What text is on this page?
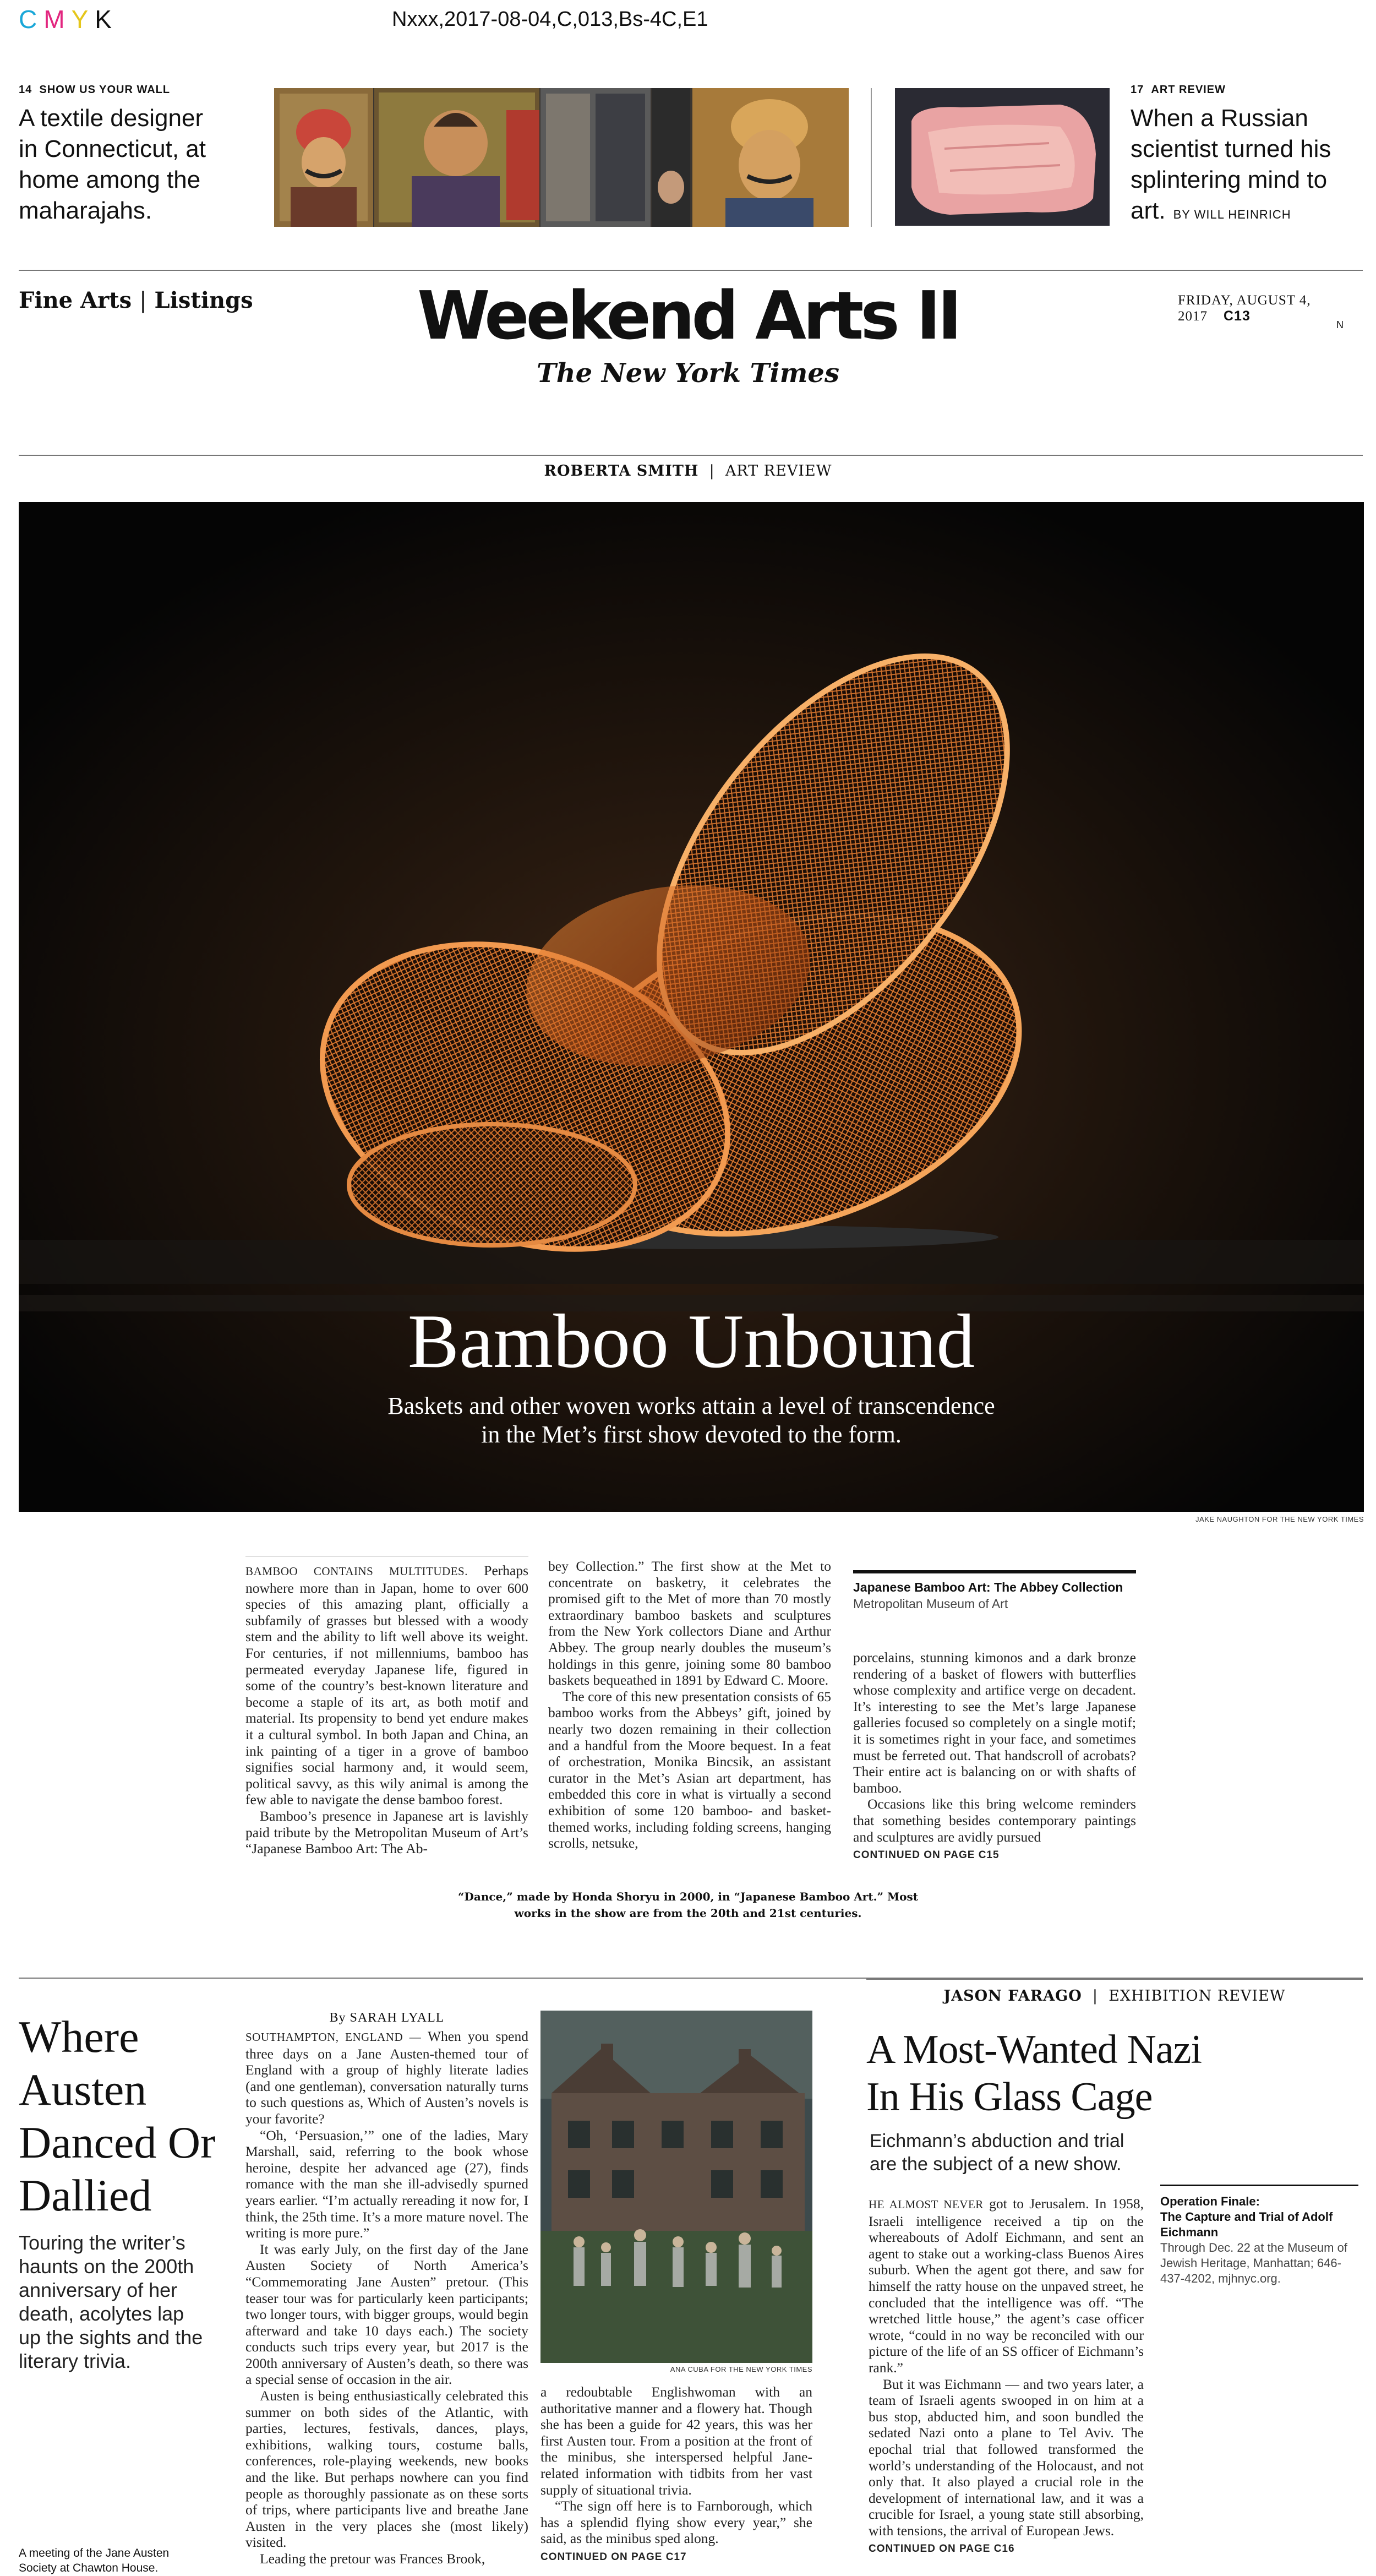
CMYK	Nxxx,2017-08-04,C,013,Bs-4C,E1
14 SHOW US YOUR WALL
A textile designer in Connecticut, at home among the maharajahs.
17 ART REVIEW
When a Russian scientist turned his splintering mind to art. BY WILL HEINRICH
Fine Arts | Listings	Weekend Arts II
The New York Times
FRIDAY, AUGUST 4, 2017 C13
N
ROBERTA SMITH  |  ART REVIEW
Bamboo Unbound
Baskets and other woven works attain a level of transcendence
in the Met’s first show devoted to the form.
JAKE NAUGHTON FOR THE NEW YORK TIMES

BAMBOO CONTAINS MULTITUDES. Perhaps nowhere more than in Japan, home to over 600 species of this amazing plant, officially a subfamily of grasses but blessed with a woody stem and the ability to lift well above its weight. For centuries, if not millenniums, bamboo has permeated everyday Japanese life, figured in some of the country’s best-known literature and become a staple of its art, as both motif and material. Its propensity to bend yet endure makes it a cultural symbol. In both Japan and China, an ink painting of a tiger in a grove of bamboo signifies social harmony and, it would seem, political savvy, as this wily animal is among the few able to navigate the dense bamboo forest.

Bamboo’s presence in Japanese art is lavishly paid tribute by the Metropolitan Museum of Art’s “Japanese Bamboo Art: The Ab-

bey Collection.” The first show at the Met to concentrate on basketry, it celebrates the promised gift to the Met of more than 70 mostly extraordinary bamboo baskets and sculptures from the New York collectors Diane and Arthur Abbey. The group nearly doubles the museum’s holdings in this genre, joining some 80 bamboo baskets bequeathed in 1891 by Edward C. Moore.

The core of this new presentation consists of 65 bamboo works from the Abbeys’ gift, joined by nearly two dozen remaining in their collection and a handful from the Moore bequest. In a feat of orchestration, Monika Bincsik, an assistant curator in the Met’s Asian art department, has embedded this core in what is virtually a second exhibition of some 120 bamboo- and basket-themed works, including folding screens, hanging scrolls, netsuke,

Japanese Bamboo Art: The Abbey Collection
Metropolitan Museum of Art

porcelains, stunning kimonos and a dark bronze rendering of a basket of flowers with butterflies whose complexity and artifice verge on decadent. It’s interesting to see the Met’s large Japanese galleries focused so completely on a single motif; it is sometimes right in your face, and sometimes must be ferreted out. That handscroll of acrobats? Their entire act is balancing on or with shafts of bamboo.

Occasions like this bring welcome reminders that something besides contemporary paintings and sculptures are avidly pursued

CONTINUED ON PAGE C15
“Dance,” made by Honda Shoryu in 2000, in “Japanese Bamboo Art.” Most
works in the show are from the 20th and 21st centuries.
Where Austen Danced Or Dallied
Touring the writer’s haunts on the 200th anniversary of her death, acolytes lap up the sights and the literary trivia.
A meeting of the Jane Austen Society at Chawton House.
By SARAH LYALL

SOUTHAMPTON, ENGLAND — When you spend three days on a Jane Austen-themed tour of England with a group of highly literate ladies (and one gentleman), conversation naturally turns to such questions as, Which of Austen’s novels is your favorite?

“Oh, ‘Persuasion,’” one of the ladies, Mary Marshall, said, referring to the book whose heroine, despite her advanced age (27), finds romance with the man she ill-advisedly spurned years earlier. “I’m actually rereading it now for, I think, the 25th time. It’s a more mature novel. The writing is more pure.”

It was early July, on the first day of the Jane Austen Society of North America’s “Commemorating Jane Austen” pretour. (This teaser tour was for particularly keen participants; two longer tours, with bigger groups, would begin afterward and take 10 days each.) The society conducts such trips every year, but 2017 is the 200th anniversary of Austen’s death, so there was a special sense of occasion in the air.

Austen is being enthusiastically celebrated this summer on both sides of the Atlantic, with parties, lectures, festivals, dances, plays, exhibitions, walking tours, costume balls, conferences, role-playing weekends, new books and the like. But perhaps nowhere can you find people as thoroughly passionate as on these sorts of trips, where participants live and breathe Jane Austen in the very places she (most likely) visited.

Leading the pretour was Frances Brook,

ANA CUBA FOR THE NEW YORK TIMES

a redoubtable Englishwoman with an authoritative manner and a flowery hat. Though she has been a guide for 42 years, this was her first Austen tour. From a position at the front of the minibus, she interspersed helpful Jane-related information with tidbits from her vast supply of situational trivia.

“The sign off here is to Farnborough, which has a splendid flying show every year,” she said, as the minibus sped along.

CONTINUED ON PAGE C17
JASON FARAGO  |  EXHIBITION REVIEW
A Most-Wanted Nazi
In His Glass Cage
Eichmann’s abduction and trial are the subject of a new show.

HE ALMOST NEVER got to Jerusalem. In 1958, Israeli intelligence received a tip on the whereabouts of Adolf Eichmann, and sent an agent to stake out a working-class Buenos Aires suburb. When the agent got there, and saw for himself the ratty house on the unpaved street, he concluded that the intelligence was off. “The wretched little house,” the agent’s case officer wrote, “could in no way be reconciled with our picture of the life of an SS officer of Eichmann’s rank.”

But it was Eichmann — and two years later, a team of Israeli agents swooped in on him at a bus stop, abducted him, and soon bundled the sedated Nazi onto a plane to Tel Aviv. The epochal trial that followed transformed the world’s understanding of the Holocaust, and not only that. It also played a crucial role in the development of international law, and it was a crucible for Israel, a young state still absorbing, with tensions, the arrival of European Jews.

CONTINUED ON PAGE C16
Operation Finale:
The Capture and Trial of Adolf Eichmann
Through Dec. 22 at the Museum of Jewish Heritage, Manhattan; 646-437-4202, mjhnyc.org.
